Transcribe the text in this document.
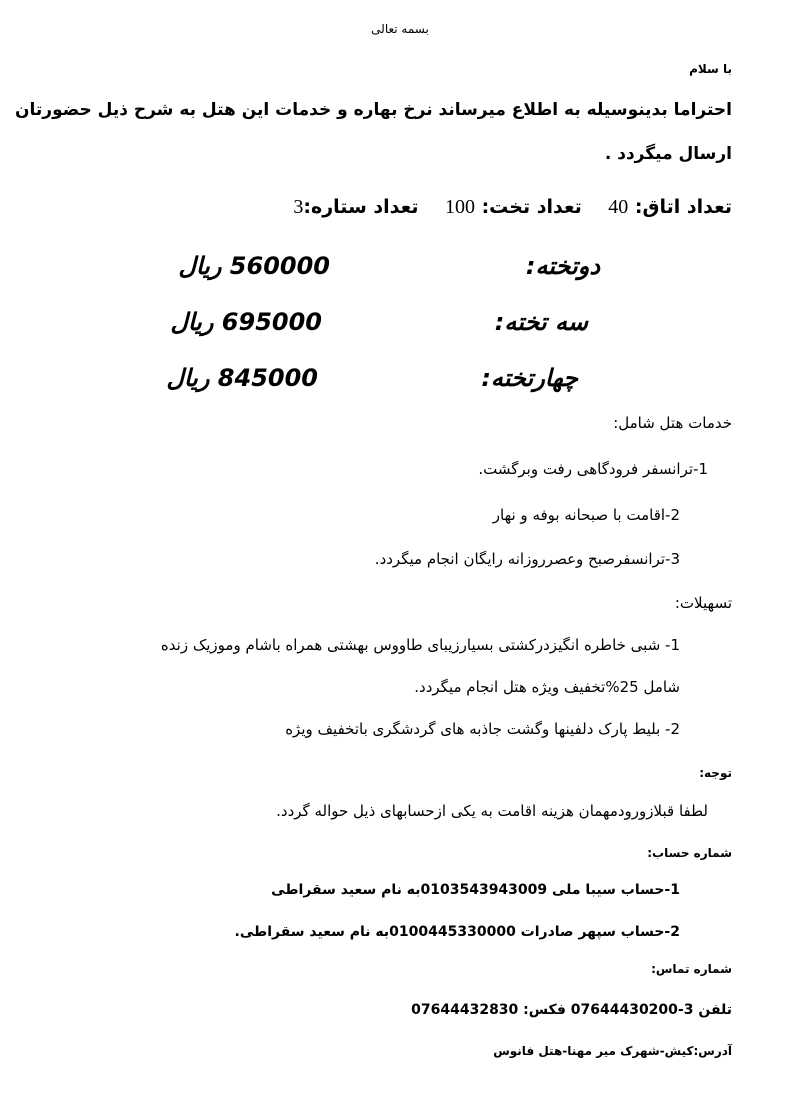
بسمه تعالی
با سلام
احتراما بدینوسیله به اطلاع میرساند نرخ بهاره و خدمات این هتل به شرح ذیل حضورتان
ارسال میگردد .
تعداد اتاق: 40    تعداد تخت: 100    تعداد ستاره:3
دوتخته:
560000 ریال
سه تخته:
695000 ریال
چهارتخته:
845000 ریال
خدمات هتل شامل:
1-ترانسفر فرودگاهی رفت وبرگشت.
2-اقامت با صبحانه بوفه و نهار
3-ترانسفرصبح وعصرروزانه رایگان انجام میگردد.
تسهیلات:
1- شبی خاطره انگیزدرکشتی بسیارزیبای طاووس بهشتی همراه باشام وموزیک زنده
شامل 25%تخفیف ویژه هتل انجام میگردد.
2- بلیط پارک دلفینها وگشت جاذبه های گردشگری باتخفیف ویژه
توجه:
لطفا قبلازورودمهمان هزینه اقامت به یکی ازحسابهای ذیل حواله گردد.
شماره حساب:
1-حساب سیبا ملی 0103543943009به نام سعید سقراطی
2-حساب سپهر صادرات 0100445330000به نام سعید سقراطی.
شماره تماس:
تلفن 3-07644430200 فکس: 07644432830
آدرس:کیش-شهرک میر مهنا-هتل فانوس
